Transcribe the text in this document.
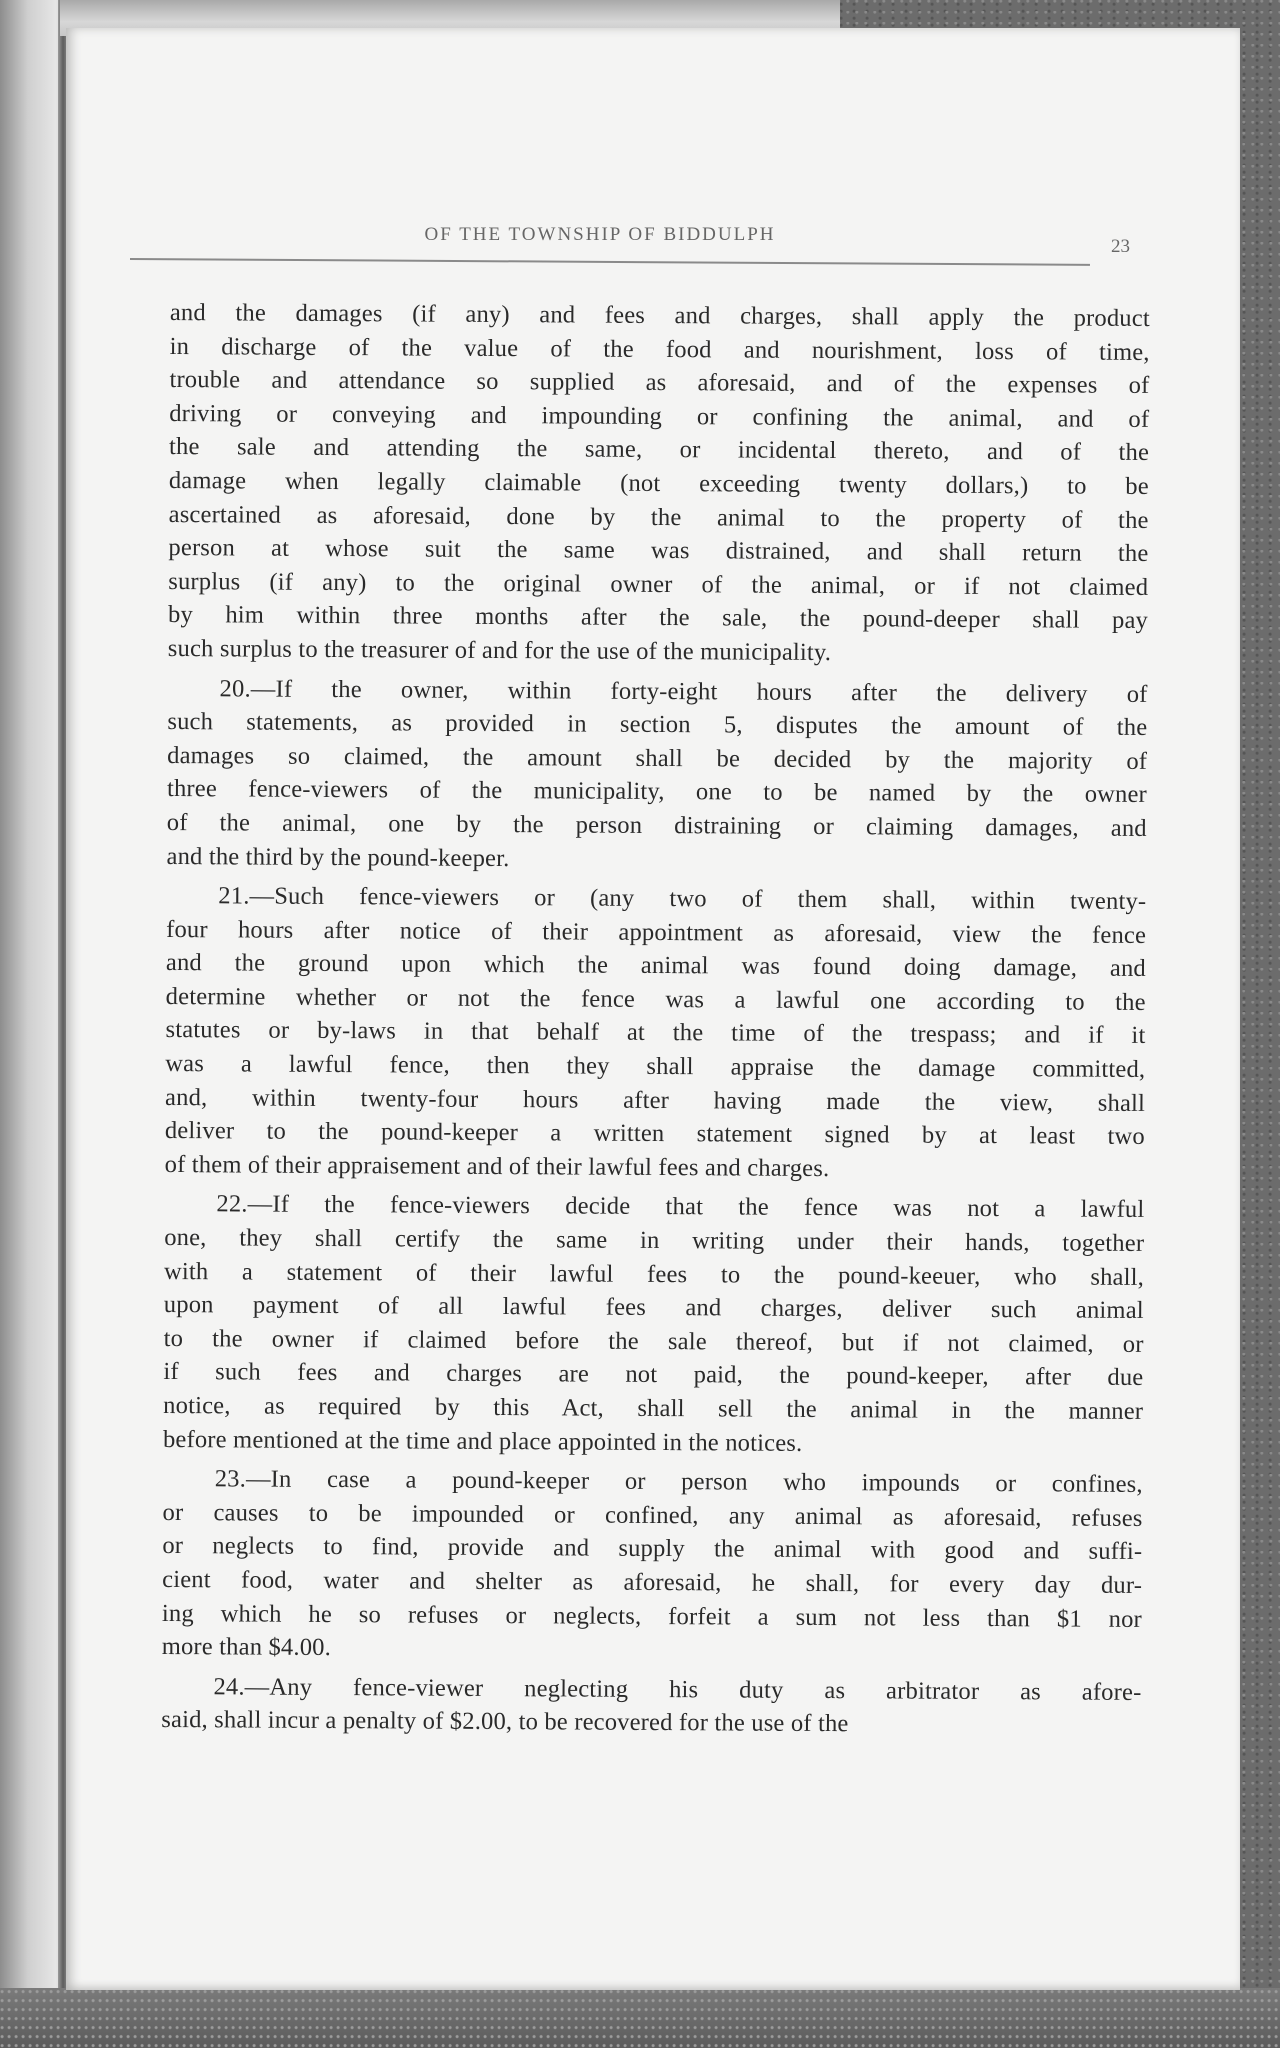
OF THE TOWNSHIP OF BIDDULPH
23
and the damages (if any) and fees and charges, shall apply the product
in discharge of the value of the food and nourishment, loss of time,
trouble and attendance so supplied as aforesaid, and of the expenses of
driving or conveying and impounding or confining the animal, and of
the sale and attending the same, or incidental thereto, and of the
damage when legally claimable (not exceeding twenty dollars,) to be
ascertained as aforesaid, done by the animal to the property of the
person at whose suit the same was distrained, and shall return the
surplus (if any) to the original owner of the animal, or if not claimed
by him within three months after the sale, the pound-deeper shall pay
such surplus to the treasurer of and for the use of the municipality.
20.—If the owner, within forty-eight hours after the delivery of
such statements, as provided in section 5, disputes the amount of the
damages so claimed, the amount shall be decided by the majority of
three fence-viewers of the municipality, one to be named by the owner
of the animal, one by the person distraining or claiming damages, and
and the third by the pound-keeper.
21.—Such fence-viewers or (any two of them shall, within twenty-
four hours after notice of their appointment as aforesaid, view the fence
and the ground upon which the animal was found doing damage, and
determine whether or not the fence was a lawful one according to the
statutes or by-laws in that behalf at the time of the trespass; and if it
was a lawful fence, then they shall appraise the damage committed,
and, within twenty-four hours after having made the view, shall
deliver to the pound-keeper a written statement signed by at least two
of them of their appraisement and of their lawful fees and charges.
22.—If the fence-viewers decide that the fence was not a lawful
one, they shall certify the same in writing under their hands, together
with a statement of their lawful fees to the pound-keeuer, who shall,
upon payment of all lawful fees and charges, deliver such animal
to the owner if claimed before the sale thereof, but if not claimed, or
if such fees and charges are not paid, the pound-keeper, after due
notice, as required by this Act, shall sell the animal in the manner
before mentioned at the time and place appointed in the notices.
23.—In case a pound-keeper or person who impounds or confines,
or causes to be impounded or confined, any animal as aforesaid, refuses
or neglects to find, provide and supply the animal with good and suffi-
cient food, water and shelter as aforesaid, he shall, for every day dur-
ing which he so refuses or neglects, forfeit a sum not less than $1 nor
more than $4.00.
24.—Any fence-viewer neglecting his duty as arbitrator as afore-
said, shall incur a penalty of $2.00, to be recovered for the use of the
